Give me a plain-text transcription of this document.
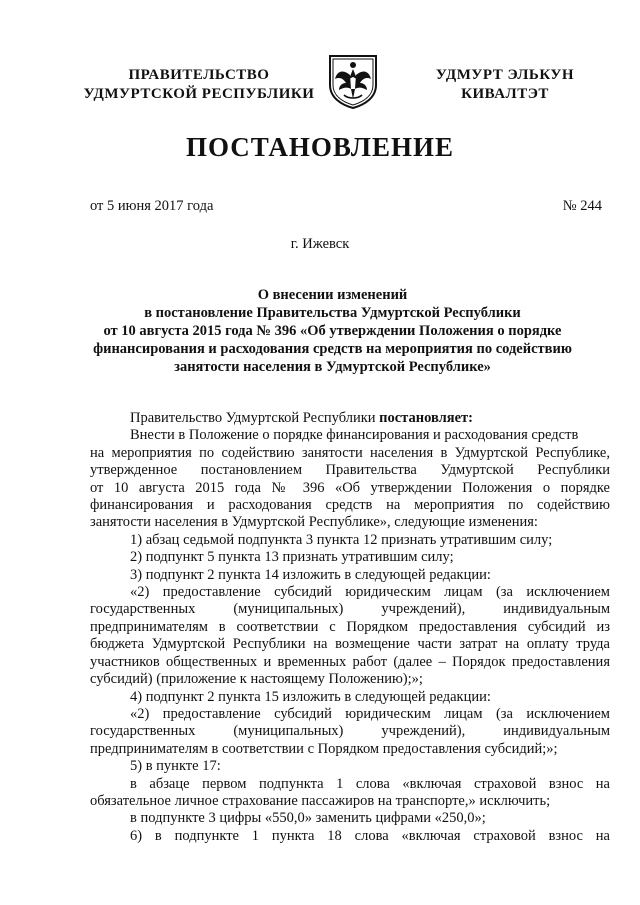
ПРАВИТЕЛЬСТВО
УДМУРТСКОЙ РЕСПУБЛИКИ
УДМУРТ ЭЛЬКУН
КИВАЛТЭТ
ПОСТАНОВЛЕНИЕ
от 5 июня 2017 года	№ 244
г. Ижевск
О внесении изменений
в постановление Правительства Удмуртской Республики
от 10 августа 2015 года № 396 «Об утверждении Положения о порядке
финансирования и расходования средств на мероприятия по содействию
занятости населения в Удмуртской Республике»
Правительство Удмуртской Республики постановляет:
Внести в Положение о порядке финансирования и расходования средств
на мероприятия по содействию занятости населения в Удмуртской Республике,
утвержденное постановлением Правительства Удмуртской Республики
от 10 августа 2015 года № 396 «Об утверждении Положения о порядке
финансирования и расходования средств на мероприятия по содействию
занятости населения в Удмуртской Республике», следующие изменения:
1) абзац седьмой подпункта 3 пункта 12 признать утратившим силу;
2) подпункт 5 пункта 13 признать утратившим силу;
3) подпункт 2 пункта 14 изложить в следующей редакции:
«2) предоставление субсидий юридическим лицам (за исключением
государственных (муниципальных) учреждений), индивидуальным
предпринимателям в соответствии с Порядком предоставления субсидий из
бюджета Удмуртской Республики на возмещение части затрат на оплату труда
участников общественных и временных работ (далее – Порядок предоставления
субсидий) (приложение к настоящему Положению);»;
4) подпункт 2 пункта 15 изложить в следующей редакции:
«2) предоставление субсидий юридическим лицам (за исключением
государственных (муниципальных) учреждений), индивидуальным
предпринимателям в соответствии с Порядком предоставления субсидий;»;
5) в пункте 17:
в абзаце первом подпункта 1 слова «включая страховой взнос на
обязательное личное страхование пассажиров на транспорте,» исключить;
в подпункте 3 цифры «550,0» заменить цифрами «250,0»;
6) в подпункте 1 пункта 18 слова «включая страховой взнос на
